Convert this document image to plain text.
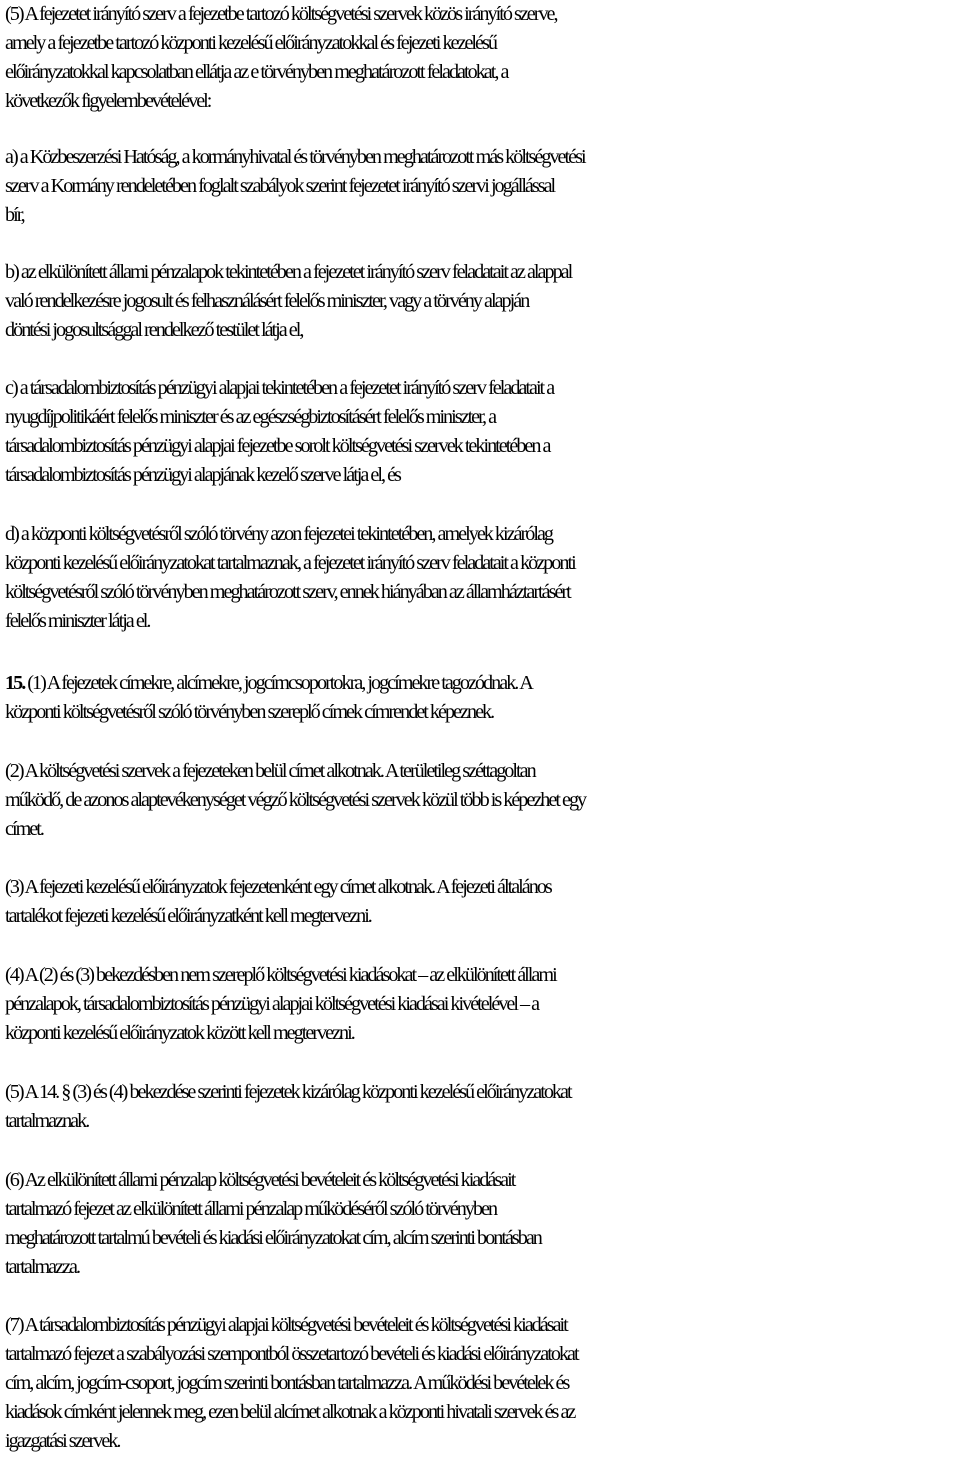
(5) A fejezetet irányító szerv a fejezetbe tartozó költségvetési szervek közös irányító szerve,
amely a fejezetbe tartozó központi kezelésű előirányzatokkal és fejezeti kezelésű
előirányzatokkal kapcsolatban ellátja az e törvényben meghatározott feladatokat, a
következők figyelembevételével:
a) a Közbeszerzési Hatóság, a kormányhivatal és törvényben meghatározott más költségvetési
szerv a Kormány rendeletében foglalt szabályok szerint fejezetet irányító szervi jogállással
bír,
b) az elkülönített állami pénzalapok tekintetében a fejezetet irányító szerv feladatait az alappal
való rendelkezésre jogosult és felhasználásért felelős miniszter, vagy a törvény alapján
döntési jogosultsággal rendelkező testület látja el,
c) a társadalombiztosítás pénzügyi alapjai tekintetében a fejezetet irányító szerv feladatait a
nyugdíjpolitikáért felelős miniszter és az egészségbiztosításért felelős miniszter, a
társadalombiztosítás pénzügyi alapjai fejezetbe sorolt költségvetési szervek tekintetében a
társadalombiztosítás pénzügyi alapjának kezelő szerve látja el, és
d) a központi költségvetésről szóló törvény azon fejezetei tekintetében, amelyek kizárólag
központi kezelésű előirányzatokat tartalmaznak, a fejezetet irányító szerv feladatait a központi
költségvetésről szóló törvényben meghatározott szerv, ennek hiányában az államháztartásért
felelős miniszter látja el.
15. (1) A fejezetek címekre, alcímekre, jogcímcsoportokra, jogcímekre tagozódnak. A
központi költségvetésről szóló törvényben szereplő címek címrendet képeznek.
(2) A költségvetési szervek a fejezeteken belül címet alkotnak. A területileg széttagoltan
működő, de azonos alaptevékenységet végző költségvetési szervek közül több is képezhet egy
címet.
(3) A fejezeti kezelésű előirányzatok fejezetenként egy címet alkotnak. A fejezeti általános
tartalékot fejezeti kezelésű előirányzatként kell megtervezni.
(4) A (2) és (3) bekezdésben nem szereplő költségvetési kiadásokat – az elkülönített állami
pénzalapok, társadalombiztosítás pénzügyi alapjai költségvetési kiadásai kivételével – a
központi kezelésű előirányzatok között kell megtervezni.
(5) A 14. § (3) és (4) bekezdése szerinti fejezetek kizárólag központi kezelésű előirányzatokat
tartalmaznak.
(6) Az elkülönített állami pénzalap költségvetési bevételeit és költségvetési kiadásait
tartalmazó fejezet az elkülönített állami pénzalap működéséről szóló törvényben
meghatározott tartalmú bevételi és kiadási előirányzatokat cím, alcím szerinti bontásban
tartalmazza.
(7) A társadalombiztosítás pénzügyi alapjai költségvetési bevételeit és költségvetési kiadásait
tartalmazó fejezet a szabályozási szempontból összetartozó bevételi és kiadási előirányzatokat
cím, alcím, jogcím-csoport, jogcím szerinti bontásban tartalmazza. A működési bevételek és
kiadások címként jelennek meg, ezen belül alcímet alkotnak a központi hivatali szervek és az
igazgatási szervek.
